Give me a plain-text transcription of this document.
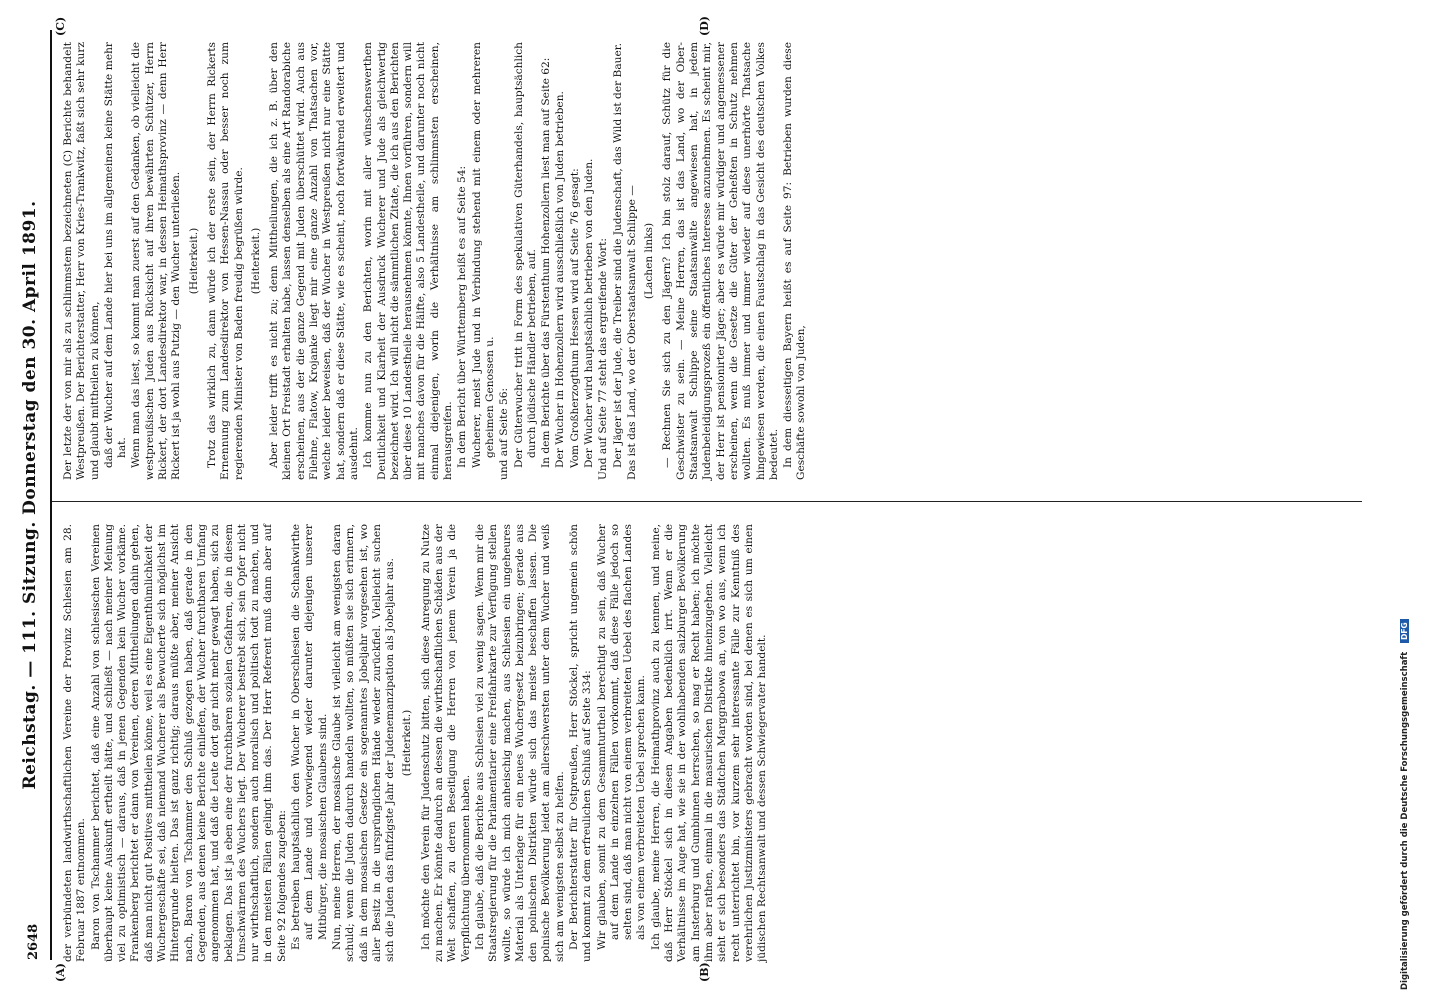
2648
Reichstag. — 111. Sitzung. Donnerstag den 30. April 1891.
(A)	(B)
(C)	(D)

der verbündeten landwirthschaftlichen Vereine der Provinz Schlesien am 28. Februar 1887 entnommen. Baron von Tschammer berichtet, daß eine Anzahl von schlesischen Vereinen überhaupt keine Auskunft ertheilt hätte, und schließt — nach meiner Meinung viel zu optimistisch — daraus, daß in jenen Gegenden kein Wucher vorkäme. Frankenberg berichtet er dann von Vereinen, deren Mittheilungen dahin gehen, daß man nicht gut Positives mittheilen könne, weil es eine Eigenthümlichkeit der Wuchergeschäfte sei, daß niemand Wucherer als Bewucherte sich möglichst im Hintergrunde hielten. Das ist ganz richtig; daraus müßte aber, meiner Ansicht nach, Baron von Tschammer den Schluß gezogen haben, daß gerade in den Gegenden, aus denen keine Berichte einliefen, der Wucher furchtbaren Umfang angenommen hat, und daß die Leute dort gar nicht mehr gewagt haben, sich zu beklagen. Das ist ja eben eine der furchtbaren sozialen Gefahren, die in diesem Umschwärmen des Wuchers liegt. Der Wucherer bestrebt sich, sein Opfer nicht nur wirthschaftlich, sondern auch moralisch und politisch todt zu machen, und in den meisten Fällen gelingt ihm das. Der Herr Referent muß dann aber auf Seite 92 folgendes zugeben: Es betreiben hauptsächlich den Wucher in Oberschlesien die Schankwirthe auf dem Lande und vorwiegend wieder darunter diejenigen unserer Mitbürger, die mosaischen Glaubens sind. Nun, meine Herren, der mosaische Glaube ist vielleicht am wenigsten daran schuld; wenn die Juden dadurch handeln wollten, so müßten sie sich erinnern, daß in dem mosaischen Gesetze ein sogenanntes Jobeljahr vorgesehen ist, wo aller Besitz in die ursprünglichen Hände wieder zurückfiel. Vielleicht suchen sich die Juden das fünfzigste Jahr der Judenemanzipation als Jobeljahr aus. (Heiterkeit.) Ich möchte den Verein für Judenschutz bitten, sich diese Anregung zu Nutze zu machen. Er könnte dadurch an dessen die wirthschaftlichen Schäden aus der Welt schaffen, zu deren Beseitigung die Herren von jenem Verein ja die Verpflichtung übernommen haben. Ich glaube, daß die Berichte aus Schlesien viel zu wenig sagen. Wenn mir die Staatsregierung für die Parlamentarier eine Freifahrkarte zur Verfügung stellen wollte, so würde ich mich anheischig machen, aus Schlesien ein ungeheures Material als Unterlage für ein neues Wuchergesetz beizubringen; gerade aus den polnischen Distrikten würde sich das meiste beschaffen lassen. Die polnische Bevölkerung leidet am allerschwersten unter dem Wucher und weiß sich am wenigsten selbst zu helfen. Der Berichterstatter für Ostpreußen, Herr Stöckel, spricht ungemein schön und kommt zu dem erfreulichen Schluß auf Seite 334: Wir glauben, somit zu dem Gesammturtheil berechtigt zu sein, daß Wucher auf dem Lande in einzelnen Fällen vorkommt, daß diese Fälle jedoch so selten sind, daß man nicht von einem verbreiteten Uebel des flachen Landes als von einem verbreiteten Uebel sprechen kann. Ich glaube, meine Herren, die Heimathprovinz auch zu kennen, und meine, daß Herr Stöckel sich in diesen Angaben bedenklich irrt. Wenn er die Verhältnisse im Auge hat, wie sie in der wohlhabenden salzburger Bevölkerung am Insterburg und Gumbinnen herrschen, so mag er Recht haben; ich möchte ihm aber rathen, einmal in die masurischen Distrikte hineinzugehen. Vielleicht sieht er sich besonders das Städtchen Marggrabowa an, von wo aus, wenn ich recht unterrichtet bin, vor kurzem sehr interessante Fälle zur Kenntniß des verehrlichen Justizministers gebracht worden sind, bei denen es sich um einen jüdischen Rechtsanwalt und dessen Schwiegervater handelt.

Der letzte der von mir als zu schlimmstem bezeichneten (C) Berichte behandelt Westpreußen. Der Berichterstatter, Herr von Kries-Trankwitz, faßt sich sehr kurz und glaubt mittheilen zu können, daß der Wucher auf dem Lande hier bei uns im allgemeinen keine Stätte mehr hat. Wenn man das liest, so kommt man zuerst auf den Gedanken, ob vielleicht die westpreußischen Juden aus Rücksicht auf ihren bewährten Schützer, Herrn Rickert, der dort Landesdirektor war, in dessen Heimathsprovinz — denn Herr Rickert ist ja wohl aus Putzig — den Wucher unterließen. (Heiterkeit.) Trotz das wirklich zu, dann würde ich der erste sein, der Herrn Rickerts Ernennung zum Landesdirektor von Hessen-Nassau oder besser noch zum regierenden Minister von Baden freudig begrüßen würde. (Heiterkeit.) Aber leider trifft es nicht zu; denn Mittheilungen, die ich z. B. über den kleinen Ort Freistadt erhalten habe, lassen denselben als eine Art Randorabiche erscheinen, aus der die ganze Gegend mit Juden überschüttet wird. Auch aus Filehne, Flatow, Krojanke liegt mir eine ganze Anzahl von Thatsachen vor, welche leider beweisen, daß der Wucher in Westpreußen nicht nur eine Stätte hat, sondern daß er diese Stätte, wie es scheint, noch fortwährend erweitert und ausdehnt. Ich komme nun zu den Berichten, worin mit aller wünschenswerthen Deutlichkeit und Klarheit der Ausdruck Wucherer und Jude als gleichwertig bezeichnet wird. Ich will nicht die sämmtlichen Zitate, die ich aus den Berichten über diese 10 Landestheile herausnehmen könnte, Ihnen vorführen, sondern will mit manches davon für die Hälfte, also 5 Landestheile, und darunter noch nicht einmal diejenigen, worin die Verhältnisse am schlimmsten erscheinen, herausgreifen. In dem Bericht über Württemberg heißt es auf Seite 54: Wucherer, meist Jude und in Verbindung stehend mit einem oder mehreren geheimen Genossen u. und auf Seite 56: Der Güterwucher tritt in Form des spekulativen Güterhandels, hauptsächlich durch jüdische Händler betrieben, auf. In dem Berichte über das Fürstenthum Hohenzollern liest man auf Seite 62: Der Wucher in Hohenzollern wird ausschließlich von Juden betrieben. Vom Großherzogthum Hessen wird auf Seite 76 gesagt: Der Wucher wird hauptsächlich betrieben von den Juden. Und auf Seite 77 steht das ergreifende Wort: Der Jäger ist der Jude, die Treiber sind die Judenschaft, das Wild ist der Bauer. Das ist das Land, wo der Oberstaatsanwalt Schlippe — (Lachen links) — Rechnen Sie sich zu den Jägern? Ich bin stolz darauf, Schütz für die Geschwister zu sein. — Meine Herren, das ist das Land, wo der Ober-Staatsanwalt Schlippe seine Staatsanwälte angewiesen hat, in jedem Judenbeleidigungsprozeß ein öffentliches Interesse anzunehmen. Es scheint mir, der Herr ist pensionirter Jäger; aber es würde mir würdiger und angemessener erscheinen, wenn die Gesetze die Güter der Geheßten in Schutz nehmen wollten. Es muß immer und immer wieder auf diese unerhörte Thatsache hingewiesen werden, die einen Faustschlag in das Gesicht des deutschen Volkes bedeutet. In dem diesseitigen Bayern heißt es auf Seite 97: Betrieben wurden diese Geschäfte sowohl von Juden,

Digitalisierung gefördert durch die Deutsche Forschungsgemeinschaft DFG
